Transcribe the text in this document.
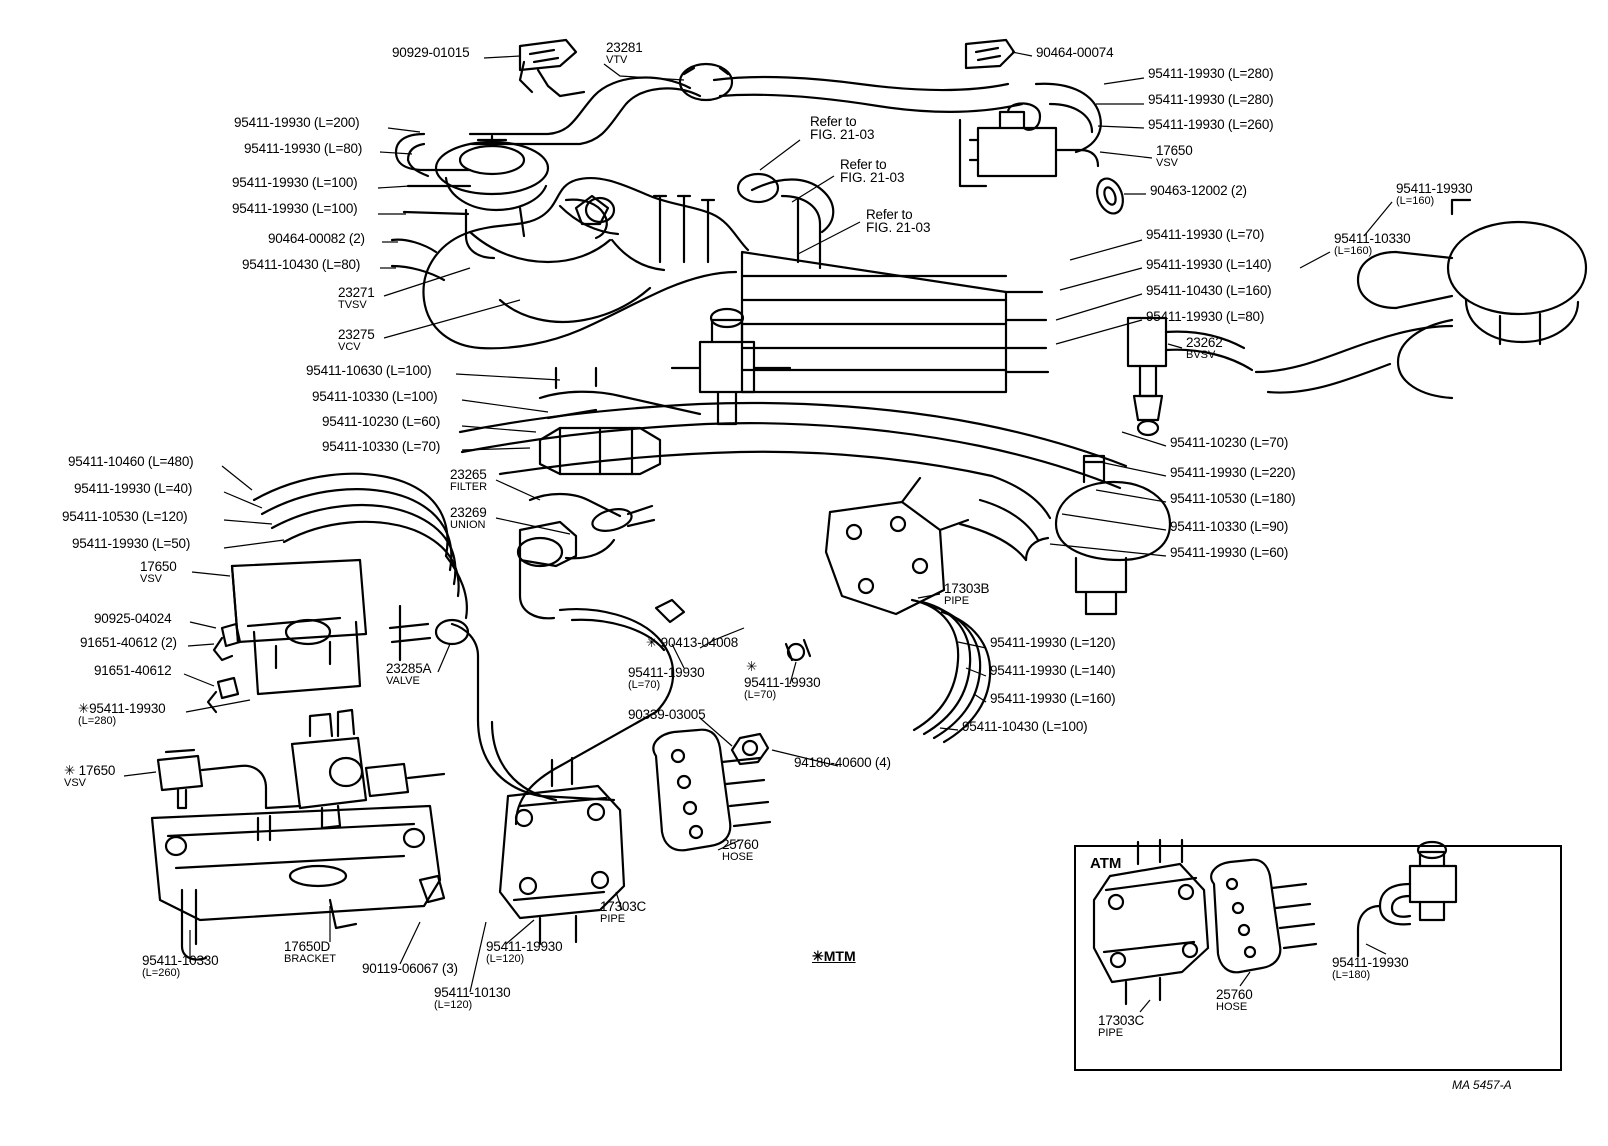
90929-01015	23281
VTV	90464-00074
95411-19930 (L=280)
95411-19930 (L=280)
95411-19930 (L=260)
17650
VSV
90463-12002 (2)
95411-19930 (L=200)
95411-19930 (L=80)
95411-19930 (L=100)
95411-19930 (L=100)
90464-00082 (2)
95411-10430 (L=80)
23271
TVSV
23275
VCV
95411-10630 (L=100)
95411-10330 (L=100)
95411-10230 (L=60)
95411-10330 (L=70)
95411-19930
(L=160)
95411-10330
(L=160)
95411-19930 (L=70)
95411-19930 (L=140)
95411-10430 (L=160)
95411-19930 (L=80)
23262
BVSV
95411-10230 (L=70)
95411-19930 (L=220)
95411-10530 (L=180)
95411-10330 (L=90)
95411-19930 (L=60)
95411-10460 (L=480)
95411-19930 (L=40)
95411-10530 (L=120)
95411-19930 (L=50)
17650
VSV
90925-04024
91651-40612 (2)
91651-40612
✳95411-19930
(L=280)
✳ 17650
VSV
23265
FILTER
23269
UNION
23285A
VALVE
✳ 90413-04008
95411-19930
(L=70)
✳
95411-19930
(L=70)
90339-03005
94180-40600 (4)
17303B
PIPE
95411-19930 (L=120)
95411-19930 (L=140)
95411-19930 (L=160)
95411-10430 (L=100)
25760
HOSE
17303C
PIPE
17650D
BRACKET
95411-10330
(L=260)	90119-06067 (3)
95411-19930
(L=120)
95411-10130
(L=120)
Refer to
FIG. 21-03
Refer to
FIG. 21-03
Refer to
FIG. 21-03
✳MTM
ATM
17303C
PIPE
25760
HOSE
95411-19930
(L=180)
MA 5457-A
